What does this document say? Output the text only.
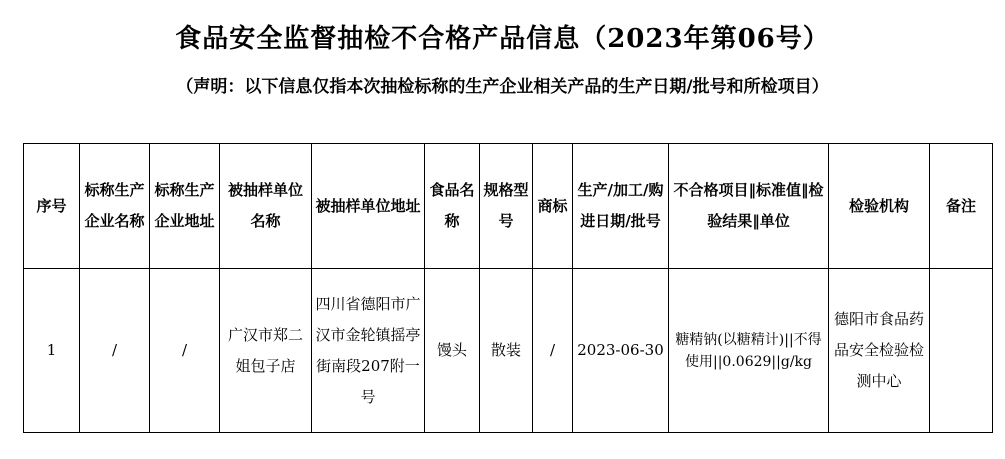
食品安全监督抽检不合格产品信息（2023年第06号）
（声明：以下信息仅指本次抽检标称的生产企业相关产品的生产日期/批号和所检项目）
序号	标称生产企业名称	标称生产企业地址	被抽样单位名称	被抽样单位地址	食品名称	规格型号	商标	生产/加工/购进日期/批号	不合格项目‖标准值‖检验结果‖单位	检验机构	备注
1	/	/	广汉市郑二姐包子店	四川省德阳市广汉市金轮镇摇亭街南段207附一号	馒头	散装	/	2023-06-30	糖精钠(以糖精计)||不得使用||0.0629||g/kg	德阳市食品药品安全检验检测中心	
